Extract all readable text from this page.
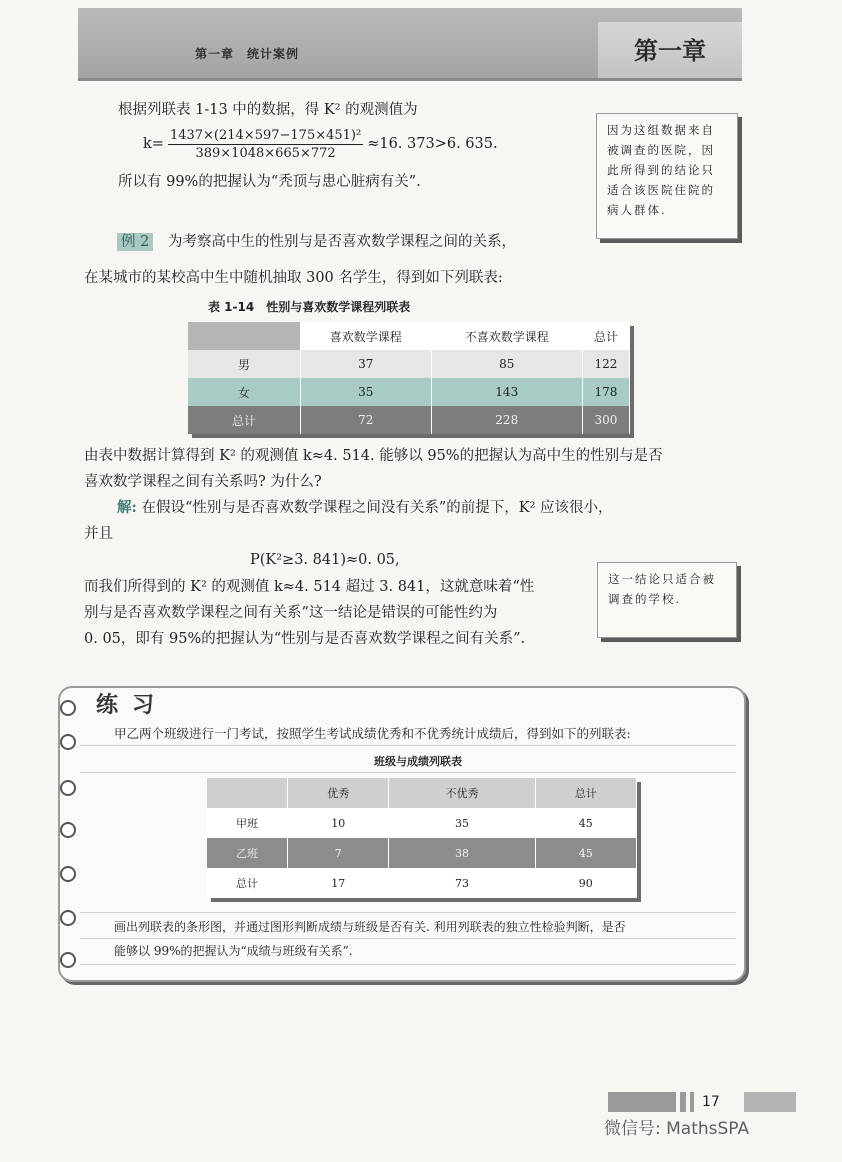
第一章　统计案例	第一章
根据列联表 1-13 中的数据，得 K² 的观测值为
$k= \frac{\text{1437×(214×597−175×451)²}}{389\times 1048\times 665\times 772} \approx 16$. 373>6. 635.
所以有 99%的把握认为“秃顶与患心脏病有关”.
因为这组数据来自被调查的医院，因此所得到的结论只适合该医院住院的病人群体.
例 2 为考察高中生的性别与是否喜欢数学课程之间的关系，
在某城市的某校高中生中随机抽取 300 名学生，得到如下列联表:
表 1-14　性别与喜欢数学课程列联表
	喜欢数学课程	不喜欢数学课程	总计
男	37	85	122
女	35	143	178
总计	72	228	300
由表中数据计算得到 K² 的观测值 k≈4. 514. 能够以 95%的把握认为高中生的性别与是否
喜欢数学课程之间有关系吗? 为什么?
解: 在假设“性别与是否喜欢数学课程之间没有关系”的前提下，K² 应该很小，
并且
P(K²≥3. 841)≈0. 05,
而我们所得到的 K² 的观测值 k≈4. 514 超过 3. 841，这就意味着“性
别与是否喜欢数学课程之间有关系”这一结论是错误的可能性约为
0. 05，即有 95%的把握认为“性别与是否喜欢数学课程之间有关系”.
这一结论只适合被调查的学校.
练习
甲乙两个班级进行一门考试，按照学生考试成绩优秀和不优秀统计成绩后，得到如下的列联表:
班级与成绩列联表
	优秀	不优秀	总计
甲班	10	35	45
乙班	7	38	45
总计	17	73	90
画出列联表的条形图，并通过图形判断成绩与班级是否有关. 利用列联表的独立性检验判断，是否
能够以 99%的把握认为“成绩与班级有关系”.
17
微信号: MathsSPA
